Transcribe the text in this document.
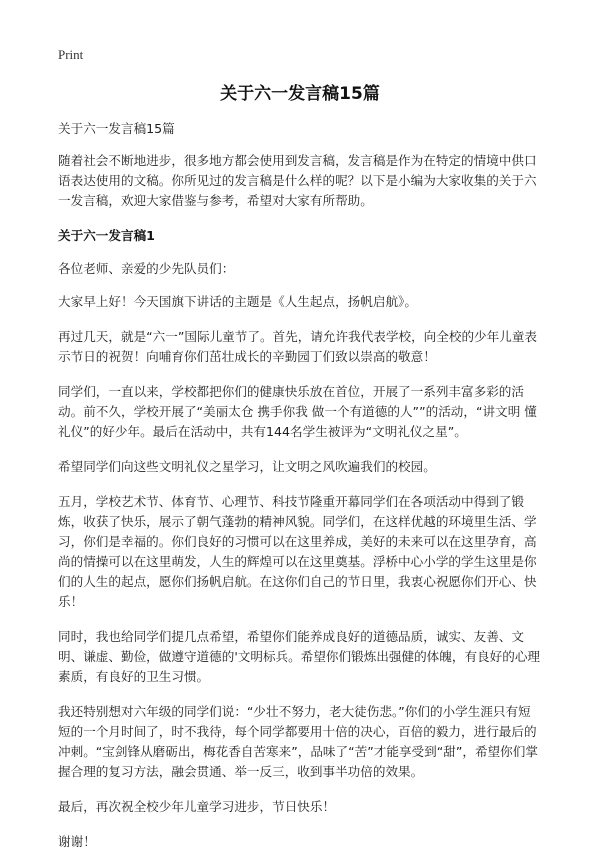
Print
关于六一发言稿15篇

关于六一发言稿15篇

随着社会不断地进步，很多地方都会使用到发言稿，发言稿是作为在特定的情境中供口语表达使用的文稿。你所见过的发言稿是什么样的呢？以下是小编为大家收集的关于六一发言稿，欢迎大家借鉴与参考，希望对大家有所帮助。

关于六一发言稿1

各位老师、亲爱的少先队员们：

大家早上好！今天国旗下讲话的主题是《人生起点，扬帆启航》。

再过几天，就是“六一”国际儿童节了。首先，请允许我代表学校，向全校的少年儿童表示节日的祝贺！向哺育你们茁壮成长的辛勤园丁们致以崇高的敬意！

同学们，一直以来，学校都把你们的健康快乐放在首位，开展了一系列丰富多彩的活动。前不久，学校开展了“美丽太仓 携手你我 做一个有道德的人””的活动，“讲文明 懂礼仪”的好少年。最后在活动中，共有144名学生被评为“文明礼仪之星”。

希望同学们向这些文明礼仪之星学习，让文明之风吹遍我们的校园。

五月，学校艺术节、体育节、心理节、科技节隆重开幕同学们在各项活动中得到了锻炼，收获了快乐，展示了朝气蓬勃的精神风貌。同学们，在这样优越的环境里生活、学习，你们是幸福的。你们良好的习惯可以在这里养成，美好的未来可以在这里孕育，高尚的情操可以在这里萌发，人生的辉煌可以在这里奠基。浮桥中心小学的学生这里是你们的人生的起点，愿你们扬帆启航。在这你们自己的节日里，我衷心祝愿你们开心、快乐！

同时，我也给同学们提几点希望，希望你们能养成良好的道德品质，诚实、友善、文明、谦虚、勤俭，做遵守道德的'文明标兵。希望你们锻炼出强健的体魄，有良好的心理素质，有良好的卫生习惯。

我还特别想对六年级的同学们说：“少壮不努力，老大徒伤悲。”你们的小学生涯只有短短的一个月时间了，时不我待，每个同学都要用十倍的决心，百倍的毅力，进行最后的冲刺。“宝剑锋从磨砺出，梅花香自苦寒来”，品味了“苦”才能享受到“甜”，希望你们掌握合理的复习方法，融会贯通、举一反三，收到事半功倍的效果。

最后，再次祝全校少年儿童学习进步，节日快乐！

谢谢！
